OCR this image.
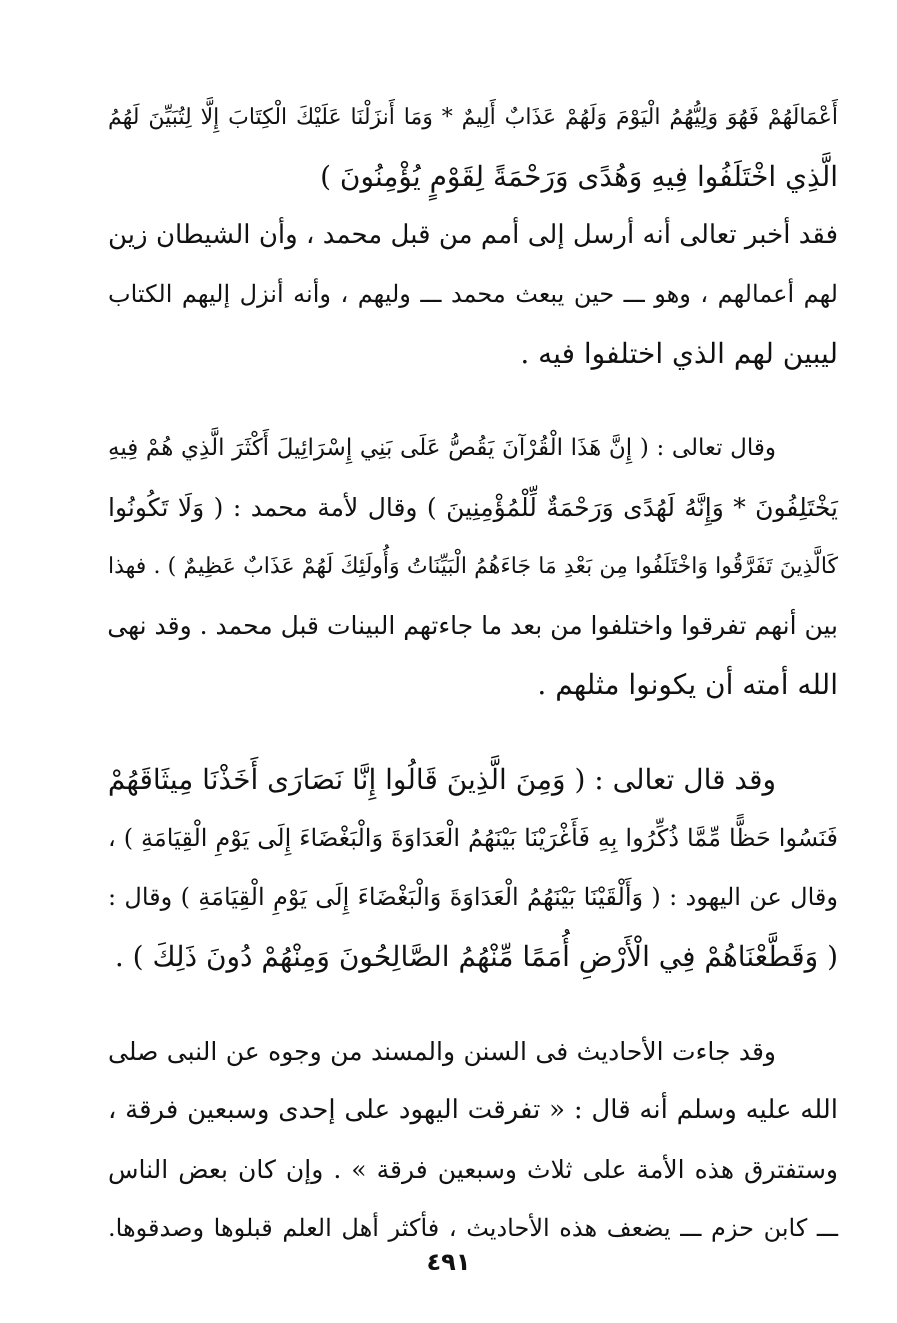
أَعْمَالَهُمْ فَهُوَ وَلِيُّهُمُ الْيَوْمَ وَلَهُمْ عَذَابٌ أَلِيمٌ * وَمَا أَنزَلْنَا عَلَيْكَ الْكِتَابَ إِلَّا لِتُبَيِّنَ لَهُمُ
الَّذِي اخْتَلَفُوا فِيهِ وَهُدًى وَرَحْمَةً لِقَوْمٍ يُؤْمِنُونَ )
فقد أخبر تعالى أنه أرسل إلى أمم من قبل محمد ، وأن الشيطان زين
لهم أعمالهم ، وهو ـــ حين يبعث محمد ـــ وليهم ، وأنه أنزل إليهم الكتاب
ليبين لهم الذي اختلفوا فيه .
وقال تعالى : ( إِنَّ هَذَا الْقُرْآنَ يَقُصُّ عَلَى بَنِي إِسْرَائِيلَ أَكْثَرَ الَّذِي هُمْ فِيهِ
يَخْتَلِفُونَ * وَإِنَّهُ لَهُدًى وَرَحْمَةٌ لِّلْمُؤْمِنِينَ ) وقال لأمة محمد : ( وَلَا تَكُونُوا
كَالَّذِينَ تَفَرَّقُوا وَاخْتَلَفُوا مِن بَعْدِ مَا جَاءَهُمُ الْبَيِّنَاتُ وَأُولَئِكَ لَهُمْ عَذَابٌ عَظِيمٌ ) . فهذا
بين أنهم تفرقوا واختلفوا من بعد ما جاءتهم البينات قبل محمد . وقد نهى
الله أمته أن يكونوا مثلهم .
وقد قال تعالى : ( وَمِنَ الَّذِينَ قَالُوا إِنَّا نَصَارَى أَخَذْنَا مِيثَاقَهُمْ
فَنَسُوا حَظًّا مِّمَّا ذُكِّرُوا بِهِ فَأَغْرَيْنَا بَيْنَهُمُ الْعَدَاوَةَ وَالْبَغْضَاءَ إِلَى يَوْمِ الْقِيَامَةِ ) ،
وقال عن اليهود : ( وَأَلْقَيْنَا بَيْنَهُمُ الْعَدَاوَةَ وَالْبَغْضَاءَ إِلَى يَوْمِ الْقِيَامَةِ ) وقال :
( وَقَطَّعْنَاهُمْ فِي الْأَرْضِ أُمَمًا مِّنْهُمُ الصَّالِحُونَ وَمِنْهُمْ دُونَ ذَلِكَ ) .
وقد جاءت الأحاديث فى السنن والمسند من وجوه عن النبى صلى
الله عليه وسلم أنه قال : « تفرقت اليهود على إحدى وسبعين فرقة ،
وستفترق هذه الأمة على ثلاث وسبعين فرقة » . وإن كان بعض الناس
ـــ كابن حزم ـــ يضعف هذه الأحاديث ، فأكثر أهل العلم قبلوها وصدقوها.
٤٩١
